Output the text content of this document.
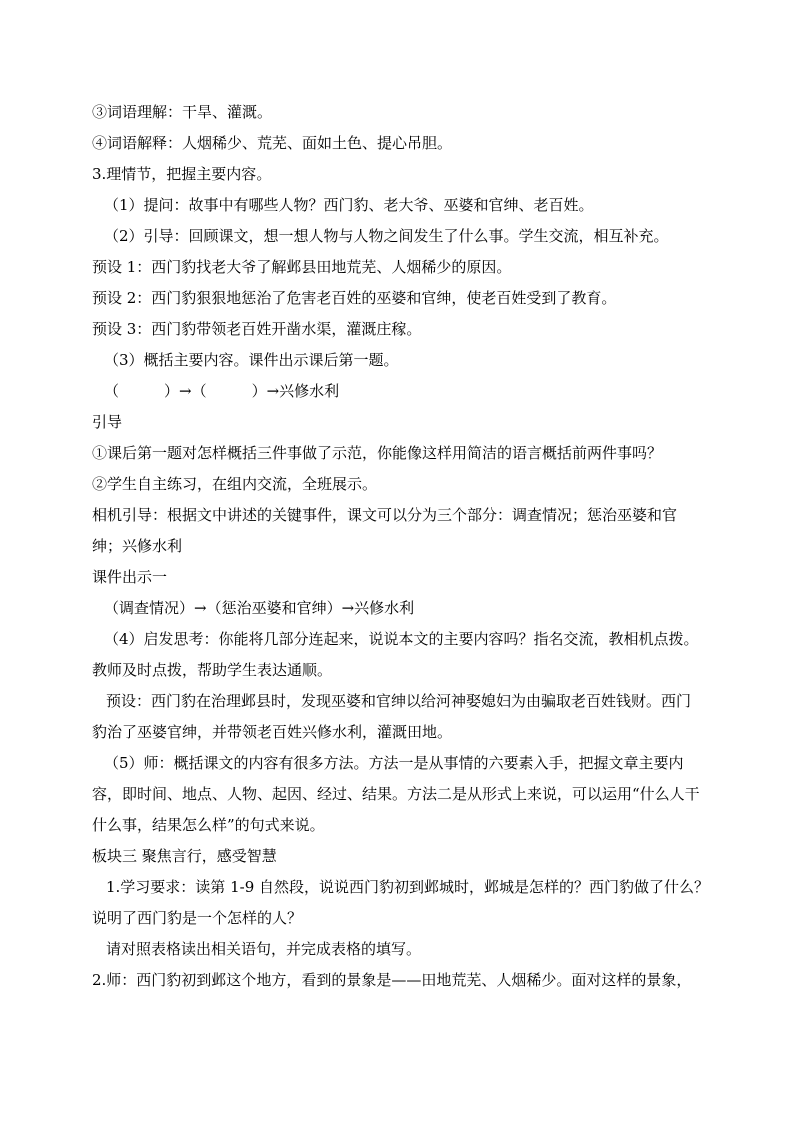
③词语理解：干旱、灌溉。
④词语解释：人烟稀少、荒芜、面如土色、提心吊胆。
3.理情节，把握主要内容。
（1）提问：故事中有哪些人物？西门豹、老大爷、巫婆和官绅、老百姓。
（2）引导：回顾课文，想一想人物与人物之间发生了什么事。学生交流，相互补充。
预设 1：西门豹找老大爷了解邺县田地荒芜、人烟稀少的原因。
预设 2：西门豹狠狠地惩治了危害老百姓的巫婆和官绅，使老百姓受到了教育。
预设 3：西门豹带领老百姓开凿水渠，灌溉庄稼。
（3）概括主要内容。课件出示课后第一题。
（　　　）→（　　　）→兴修水利
引导
①课后第一题对怎样概括三件事做了示范，你能像这样用简洁的语言概括前两件事吗？
②学生自主练习，在组内交流，全班展示。
相机引导：根据文中讲述的关键事件，课文可以分为三个部分：调查情况；惩治巫婆和官
绅；兴修水利
课件出示一
（调查情况）→（惩治巫婆和官绅）→兴修水利
（4）启发思考：你能将几部分连起来，说说本文的主要内容吗？指名交流，教相机点拨。
教师及时点拨，帮助学生表达通顺。
预设：西门豹在治理邺县时，发现巫婆和官绅以给河神娶媳妇为由骗取老百姓钱财。西门
豹治了巫婆官绅，并带领老百姓兴修水利，灌溉田地。
（5）师：概括课文的内容有很多方法。方法一是从事情的六要素入手，把握文章主要内
容，即时间、地点、人物、起因、经过、结果。方法二是从形式上来说，可以运用“什么人干
什么事，结果怎么样”的句式来说。
板块三 聚焦言行，感受智慧
1.学习要求：读第 1-9 自然段，说说西门豹初到邺城时，邺城是怎样的？西门豹做了什么？
说明了西门豹是一个怎样的人？
请对照表格读出相关语句，并完成表格的填写。
2.师：西门豹初到邺这个地方，看到的景象是——田地荒芜、人烟稀少。面对这样的景象，
